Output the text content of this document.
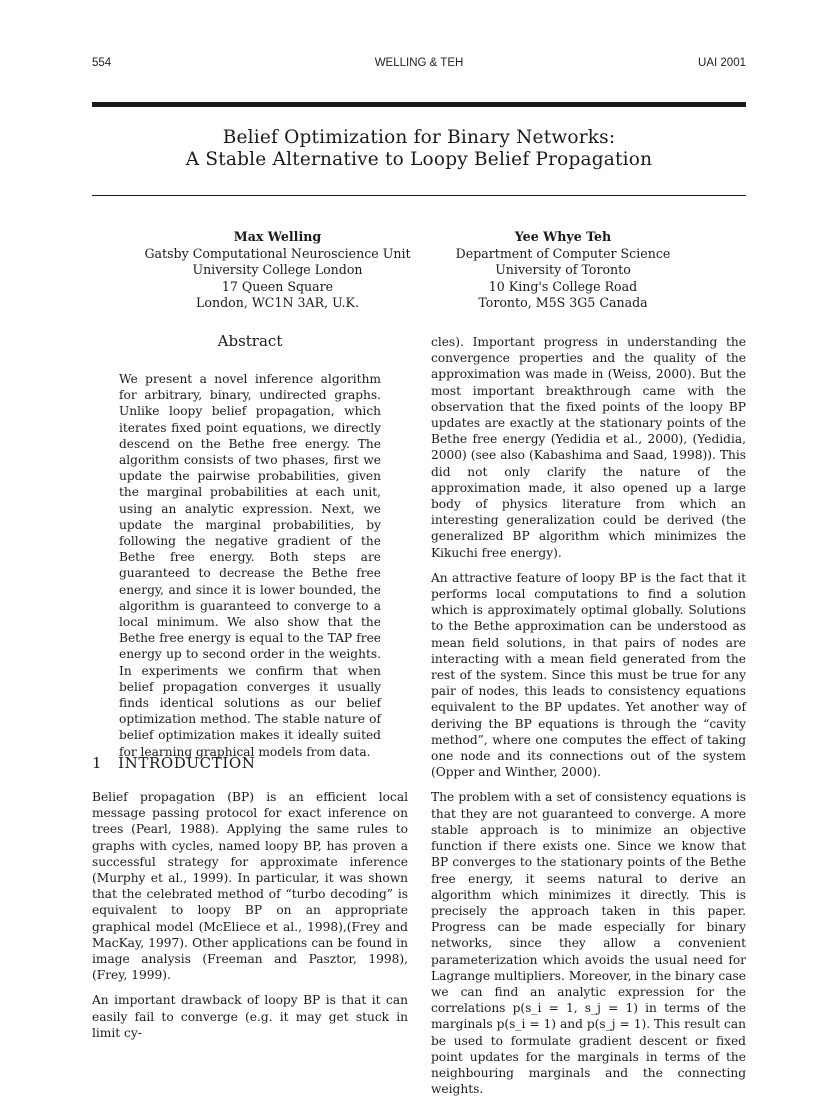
554	WELLING & TEH	UAI 2001
Belief Optimization for Binary Networks:
A Stable Alternative to Loopy Belief Propagation
Max Welling
Gatsby Computational Neuroscience Unit
University College London
17 Queen Square
London, WC1N 3AR, U.K.
Yee Whye Teh
Department of Computer Science
University of Toronto
10 King's College Road
Toronto, M5S 3G5 Canada
Abstract
We present a novel inference algorithm for arbitrary, binary, undirected graphs. Unlike loopy belief propagation, which iterates fixed point equations, we directly descend on the Bethe free energy. The algorithm consists of two phases, first we update the pairwise probabilities, given the marginal probabilities at each unit, using an analytic expression. Next, we update the marginal probabilities, by following the negative gradient of the Bethe free energy. Both steps are guaranteed to decrease the Bethe free energy, and since it is lower bounded, the algorithm is guaranteed to converge to a local minimum. We also show that the Bethe free energy is equal to the TAP free energy up to second order in the weights. In experiments we confirm that when belief propagation converges it usually finds identical solutions as our belief optimization method. The stable nature of belief optimization makes it ideally suited for learning graphical models from data.
1 INTRODUCTION

Belief propagation (BP) is an efficient local message passing protocol for exact inference on trees (Pearl, 1988). Applying the same rules to graphs with cycles, named loopy BP, has proven a successful strategy for approximate inference (Murphy et al., 1999). In particular, it was shown that the celebrated method of “turbo decoding” is equivalent to loopy BP on an appropriate graphical model (McEliece et al., 1998),(Frey and MacKay, 1997). Other applications can be found in image analysis (Freeman and Pasztor, 1998), (Frey, 1999).

An important drawback of loopy BP is that it can easily fail to converge (e.g. it may get stuck in limit cy-

cles). Important progress in understanding the convergence properties and the quality of the approximation was made in (Weiss, 2000). But the most important breakthrough came with the observation that the fixed points of the loopy BP updates are exactly at the stationary points of the Bethe free energy (Yedidia et al., 2000), (Yedidia, 2000) (see also (Kabashima and Saad, 1998)). This did not only clarify the nature of the approximation made, it also opened up a large body of physics literature from which an interesting generalization could be derived (the generalized BP algorithm which minimizes the Kikuchi free energy).

An attractive feature of loopy BP is the fact that it performs local computations to find a solution which is approximately optimal globally. Solutions to the Bethe approximation can be understood as mean field solutions, in that pairs of nodes are interacting with a mean field generated from the rest of the system. Since this must be true for any pair of nodes, this leads to consistency equations equivalent to the BP updates. Yet another way of deriving the BP equations is through the “cavity method”, where one computes the effect of taking one node and its connections out of the system (Opper and Winther, 2000).

The problem with a set of consistency equations is that they are not guaranteed to converge. A more stable approach is to minimize an objective function if there exists one. Since we know that BP converges to the stationary points of the Bethe free energy, it seems natural to derive an algorithm which minimizes it directly. This is precisely the approach taken in this paper. Progress can be made especially for binary networks, since they allow a convenient parameterization which avoids the usual need for Lagrange multipliers. Moreover, in the binary case we can find an analytic expression for the correlations p(s_i = 1, s_j = 1) in terms of the marginals p(s_i = 1) and p(s_j = 1). This result can be used to formulate gradient descent or fixed point updates for the marginals in terms of the neighbouring marginals and the connecting weights.
